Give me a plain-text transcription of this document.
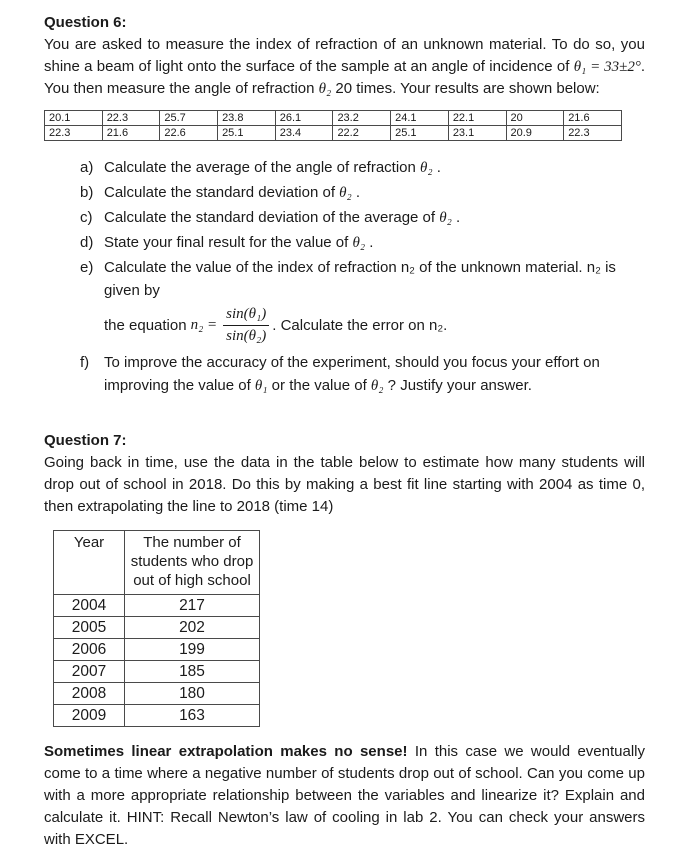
Question 6:

You are asked to measure the index of refraction of an unknown material. To do so, you shine a beam of light onto the surface of the sample at an angle of incidence of θ₁ = 33±2°. You then measure the angle of refraction θ₂ 20 times. Your results are shown below:

20.1	22.3	25.7	23.8	26.1	23.2	24.1	22.1	20	21.6
22.3	21.6	22.6	25.1	23.4	22.2	25.1	23.1	20.9	22.3
a) Calculate the average of the angle of refraction θ₂ .
b) Calculate the standard deviation of θ₂ .
c) Calculate the standard deviation of the average of θ₂ .
d) State your final result for the value of θ₂ .
e) Calculate the value of the index of refraction n₂ of the unknown material. n₂ is given by
the equation $n_2 = \frac{\text{sin(θ₁)}}{\text{sin(θ₂)}}$ . Calculate the error on n₂.
f) To improve the accuracy of the experiment, should you focus your effort on improving the value of θ₁ or the value of θ₂ ? Justify your answer.
Question 7:

Going back in time, use the data in the table below to estimate how many students will drop out of school in 2018. Do this by making a best fit line starting with 2004 as time 0, then extrapolating the line to 2018 (time 14)

Year	The number of students who drop out of high school
2004	217
2005	202
2006	199
2007	185
2008	180
2009	163

Sometimes linear extrapolation makes no sense! In this case we would eventually come to a time where a negative number of students drop out of school. Can you come up with a more appropriate relationship between the variables and linearize it? Explain and calculate it. HINT: Recall Newton’s law of cooling in lab 2. You can check your answers with EXCEL.
